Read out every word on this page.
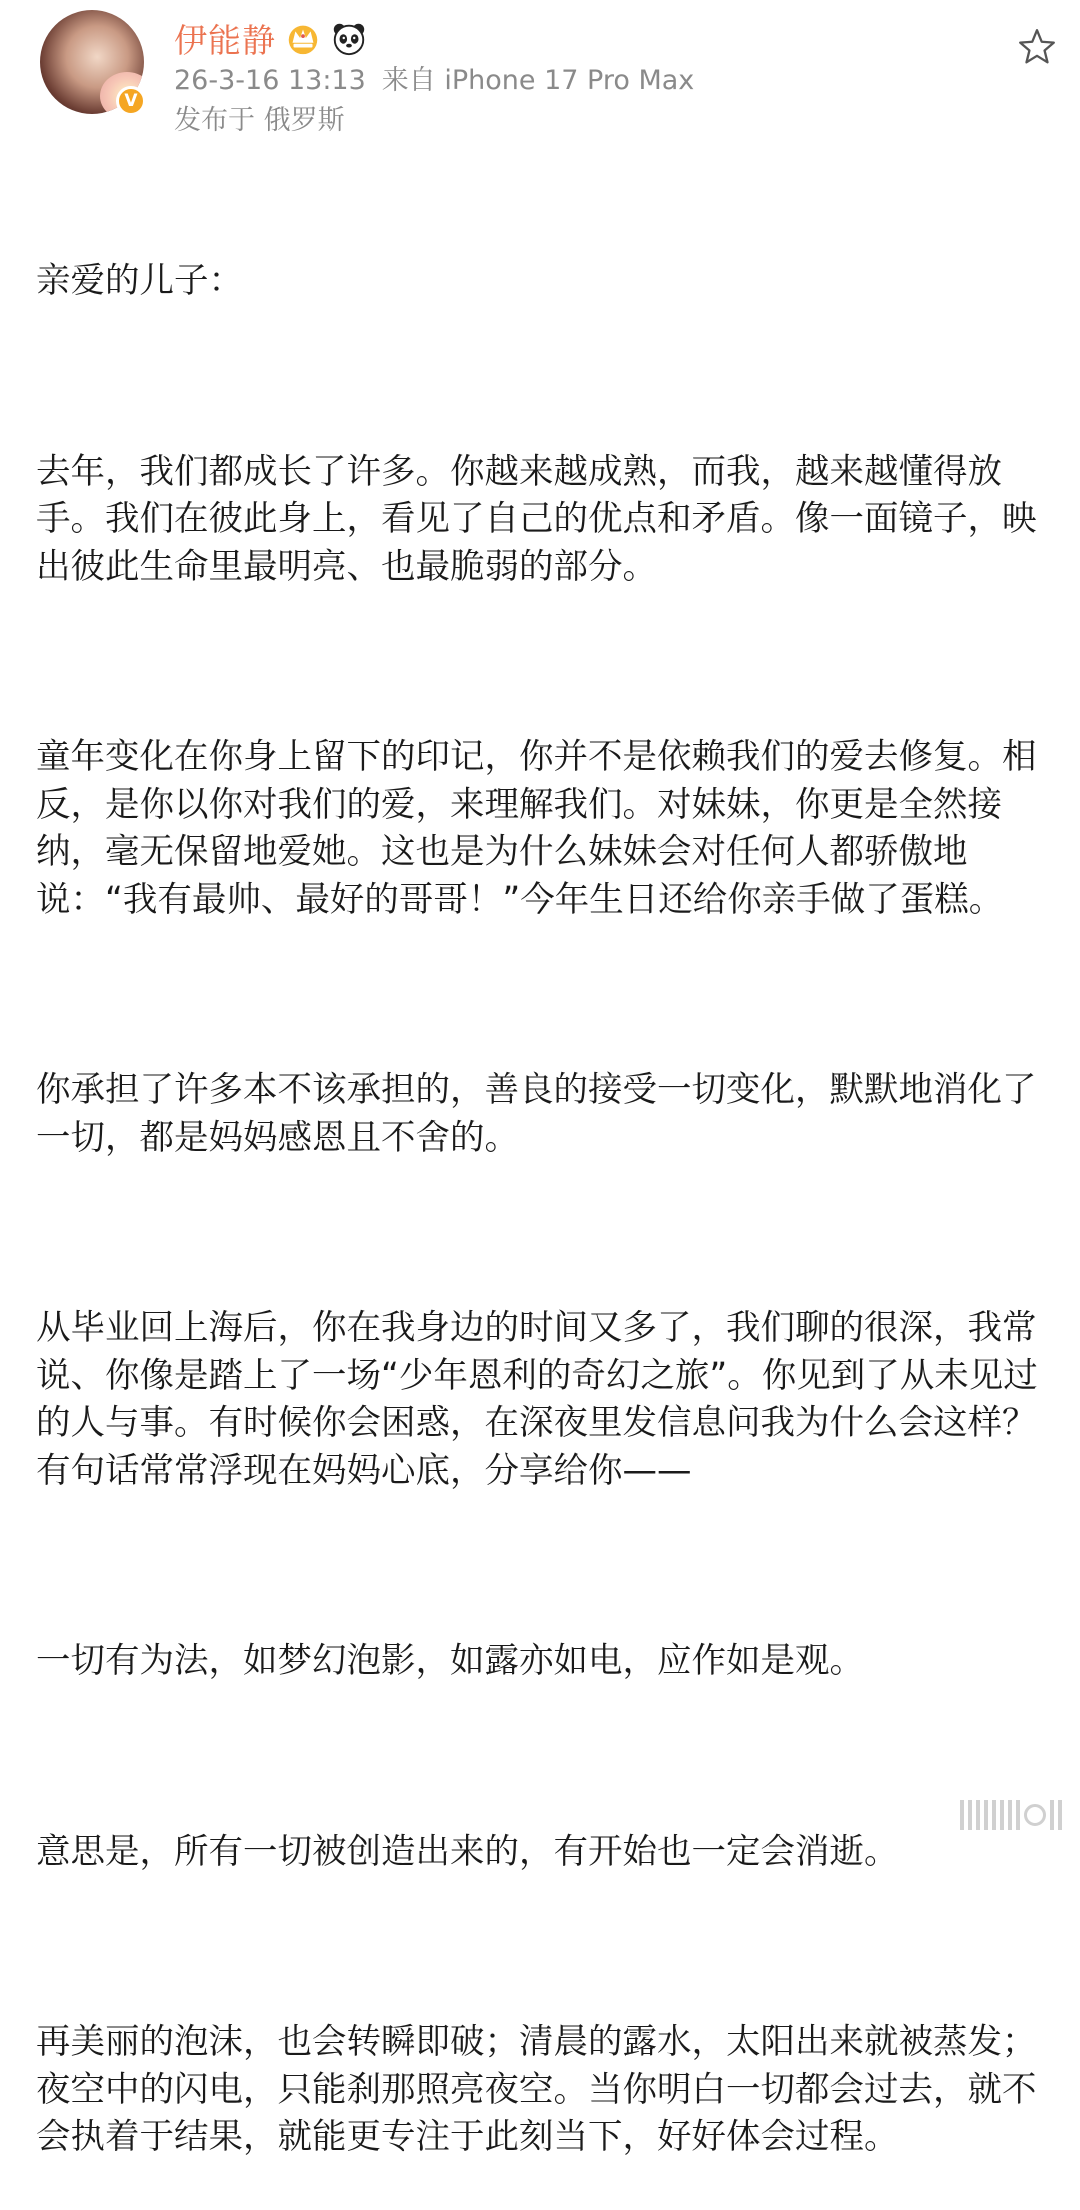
V
伊能静
26-3-16 13:13 来自 iPhone 17 Pro Max
发布于 俄罗斯

亲爱的儿子：

去年，我们都成长了许多。你越来越成熟，而我，越来越懂得放手。我们在彼此身上，看见了自己的优点和矛盾。像一面镜子，映出彼此生命里最明亮、也最脆弱的部分。

童年变化在你身上留下的印记，你并不是依赖我们的爱去修复。相反，是你以你对我们的爱，来理解我们。对妹妹，你更是全然接纳，毫无保留地爱她。这也是为什么妹妹会对任何人都骄傲地说：“我有最帅、最好的哥哥！”今年生日还给你亲手做了蛋糕。

你承担了许多本不该承担的，善良的接受一切变化，默默地消化了一切，都是妈妈感恩且不舍的。

从毕业回上海后，你在我身边的时间又多了，我们聊的很深，我常说、你像是踏上了一场“少年恩利的奇幻之旅”。你见到了从未见过的人与事。有时候你会困惑，在深夜里发信息问我为什么会这样？有句话常常浮现在妈妈心底，分享给你——

一切有为法，如梦幻泡影，如露亦如电，应作如是观。

意思是，所有一切被创造出来的，有开始也一定会消逝。

再美丽的泡沫，也会转瞬即破；清晨的露水，太阳出来就被蒸发；夜空中的闪电，只能刹那照亮夜空。当你明白一切都会过去，就不会执着于结果，就能更专注于此刻当下，好好体会过程。
